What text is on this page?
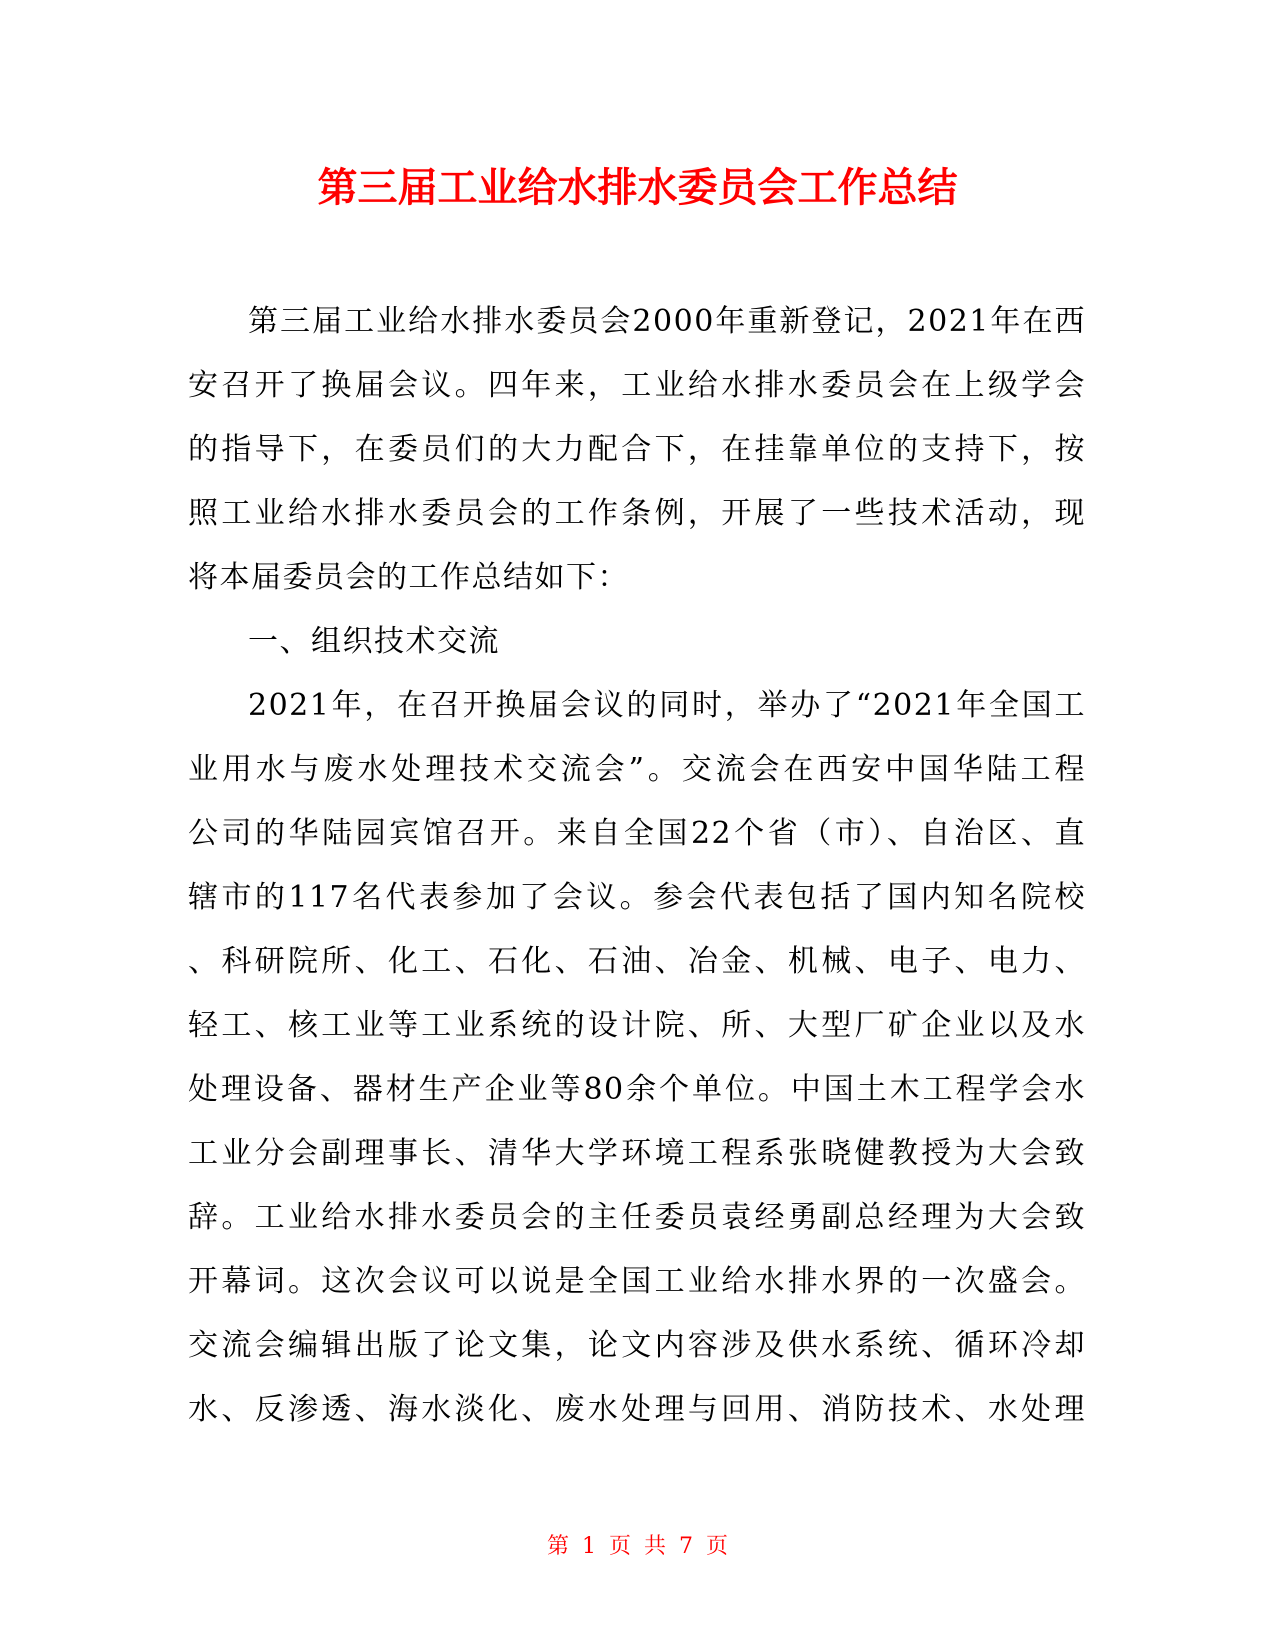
第三届工业给水排水委员会工作总结
第三届工业给水排水委员会2000年重新登记，2021年在西
安召开了换届会议。四年来，工业给水排水委员会在上级学会
的指导下，在委员们的大力配合下，在挂靠单位的支持下，按
照工业给水排水委员会的工作条例，开展了一些技术活动，现
将本届委员会的工作总结如下：
一、组织技术交流
2021年，在召开换届会议的同时，举办了“2021年全国工
业用水与废水处理技术交流会”。交流会在西安中国华陆工程
公司的华陆园宾馆召开。来自全国22个省（市）、自治区、直
辖市的117名代表参加了会议。参会代表包括了国内知名院校
、科研院所、化工、石化、石油、冶金、机械、电子、电力、
轻工、核工业等工业系统的设计院、所、大型厂矿企业以及水
处理设备、器材生产企业等80余个单位。中国土木工程学会水
工业分会副理事长、清华大学环境工程系张晓健教授为大会致
辞。工业给水排水委员会的主任委员袁经勇副总经理为大会致
开幕词。这次会议可以说是全国工业给水排水界的一次盛会。
交流会编辑出版了论文集，论文内容涉及供水系统、循环冷却
水、反渗透、海水淡化、废水处理与回用、消防技术、水处理
第 1 页 共 7 页
